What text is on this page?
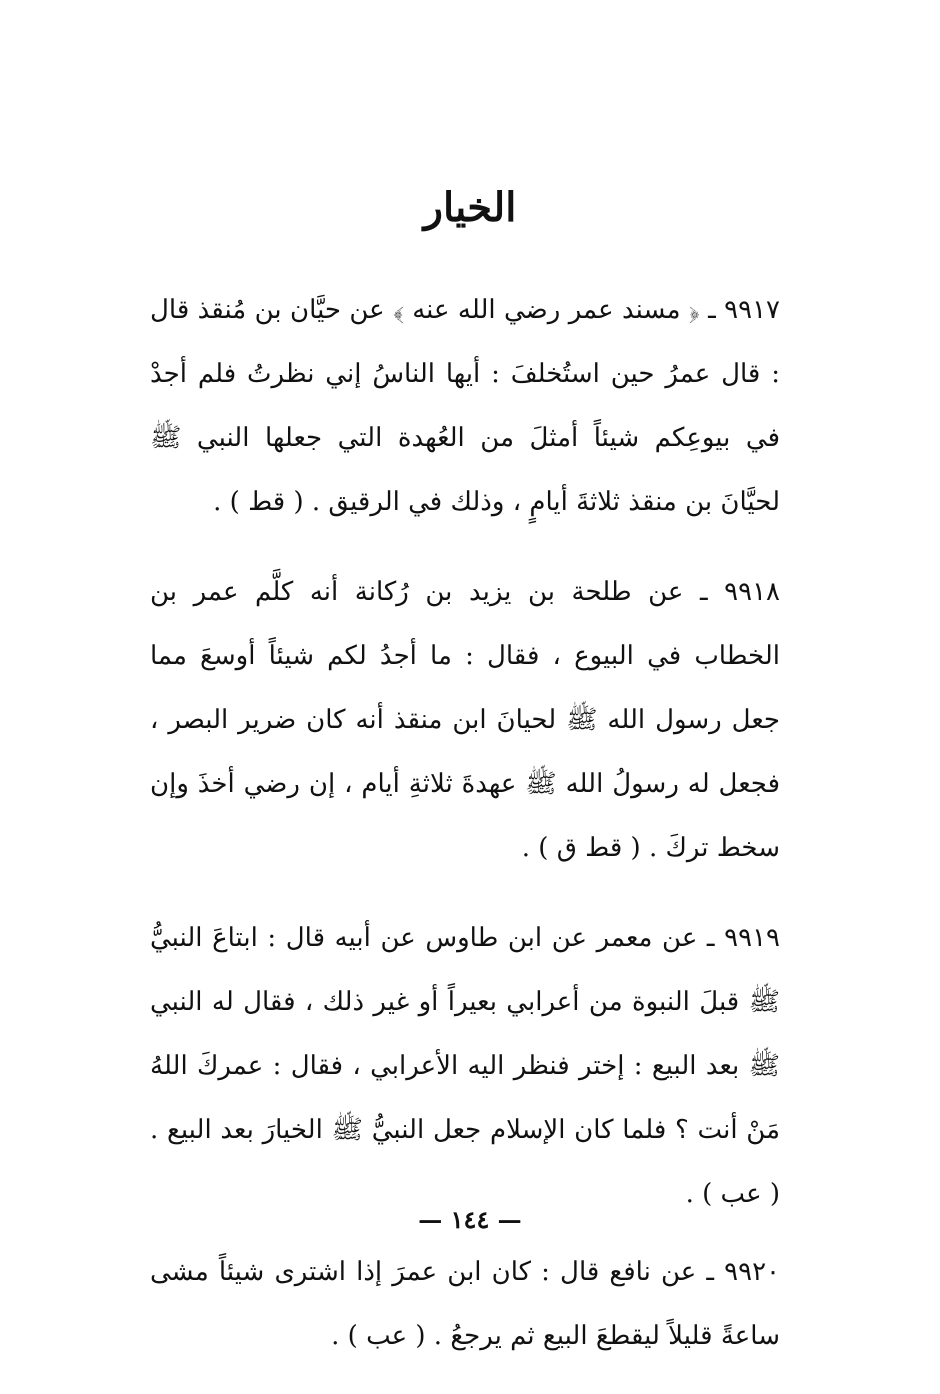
الخيار

٩٩١٧ ـ ﴿ مسند عمر رضي الله عنه ﴾ عن حيَّان بن مُنقذ قال : قال عمرُ حين استُخلفَ : أيها الناسُ إني نظرتُ فلم أجدْ في بيوعِكم شيئاً أمثلَ من العُهدة التي جعلها النبي ﷺ لحيَّانَ بن منقذ ثلاثةَ أيامٍ ، وذلك في الرقيق . ( قط ) .

٩٩١٨ ـ عن طلحة بن يزيد بن رُكانة أنه كلَّم عمر بن الخطاب في البيوع ، فقال : ما أجدُ لكم شيئاً أوسعَ مما جعل رسول الله ﷺ لحيانَ ابن منقذ أنه كان ضرير البصر ، فجعل له رسولُ الله ﷺ عهدةَ ثلاثةِ أيام ، إن رضي أخذَ وإن سخط تركَ . ( قط ق ) .

٩٩١٩ ـ عن معمر عن ابن طاوس عن أبيه قال : ابتاعَ النبيُّ ﷺ قبلَ النبوة من أعرابي بعيراً أو غير ذلك ، فقال له النبي ﷺ بعد البيع : إختر فنظر اليه الأعرابي ، فقال : عمركَ اللهُ مَنْ أنت ؟ فلما كان الإسلام جعل النبيُّ ﷺ الخيارَ بعد البيع . ( عب ) .

٩٩٢٠ ـ عن نافع قال : كان ابن عمرَ إذا اشترى شيئاً مشى ساعةً قليلاً ليقطعَ البيع ثم يرجعُ . ( عب ) .

— ١٤٤ —
